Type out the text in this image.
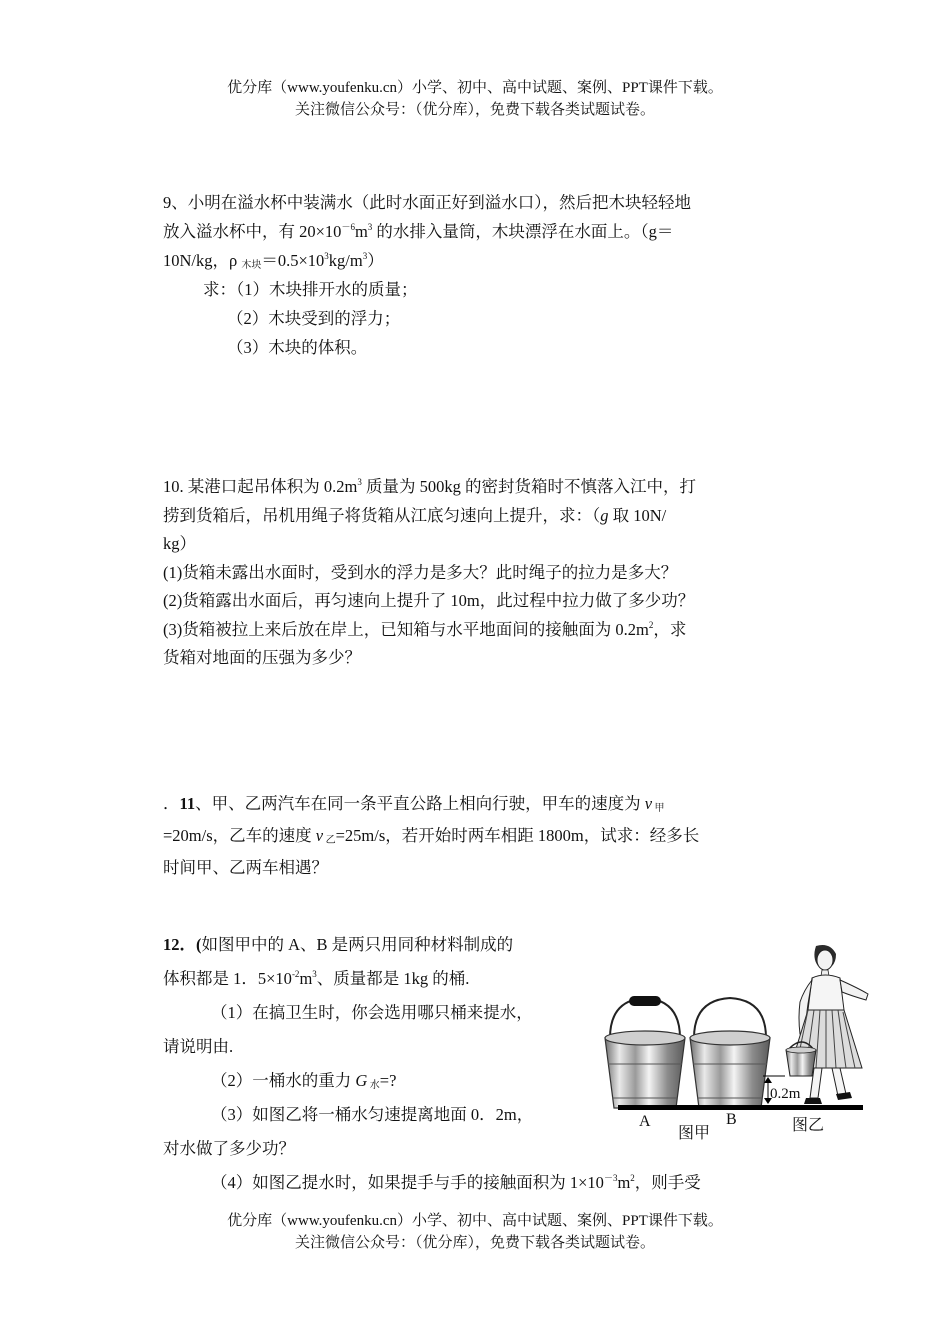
优分库（www.youfenku.cn）小学、初中、高中试题、案例、PPT课件下载。
关注微信公众号：（优分库），免费下载各类试题试卷。

9、小明在溢水杯中装满水（此时水面正好到溢水口），然后把木块轻轻地

放入溢水杯中，有 $20\times 10^{-6}m^3$ 的水排入量筒，木块漂浮在水面上。（g＝

10N/kg，ρ $_{木块}=0.5\times 10^3kg/m^3$）

求：（1）木块排开水的质量；

（2）木块受到的浮力；

（3）木块的体积。

10. 某港口起吊体积为 $0.2m^3$ 质量为 500kg 的密封货箱时不慎落入江中，打

捞到货箱后，吊机用绳子将货箱从江底匀速向上提升，求：（g 取 10N/

kg）

(1)货箱未露出水面时，受到水的浮力是多大？此时绳子的拉力是多大？

(2)货箱露出水面后，再匀速向上提升了 10m，此过程中拉力做了多少功？

(3)货箱被拉上来后放在岸上，已知箱与水平地面间的接触面为 $0.2m^2$，求

货箱对地面的压强为多少？

．11、甲、乙两汽车在同一条平直公路上相向行驶，甲车的速度为 v $_甲$

=20m/s，乙车的速度 v $_乙$=25m/s，若开始时两车相距 1800m，试求：经多长

时间甲、乙两车相遇？

12．(如图甲中的 A、B 是两只用同种材料制成的

体积都是 1．$5\times 10^{-2}m^3$、质量都是 1kg 的桶.

（1）在搞卫生时，你会选用哪只桶来提水，

请说明由.

（2）一桶水的重力 G $_水$=?

（3）如图乙将一桶水匀速提离地面 0．2m，

对水做了多少功？

（4）如图乙提水时，如果提手与手的接触面积为 $1\times 10^{-3}m^2$，则手受

A	B
图甲	图乙
0.2m
优分库（www.youfenku.cn）小学、初中、高中试题、案例、PPT课件下载。
关注微信公众号：（优分库），免费下载各类试题试卷。
